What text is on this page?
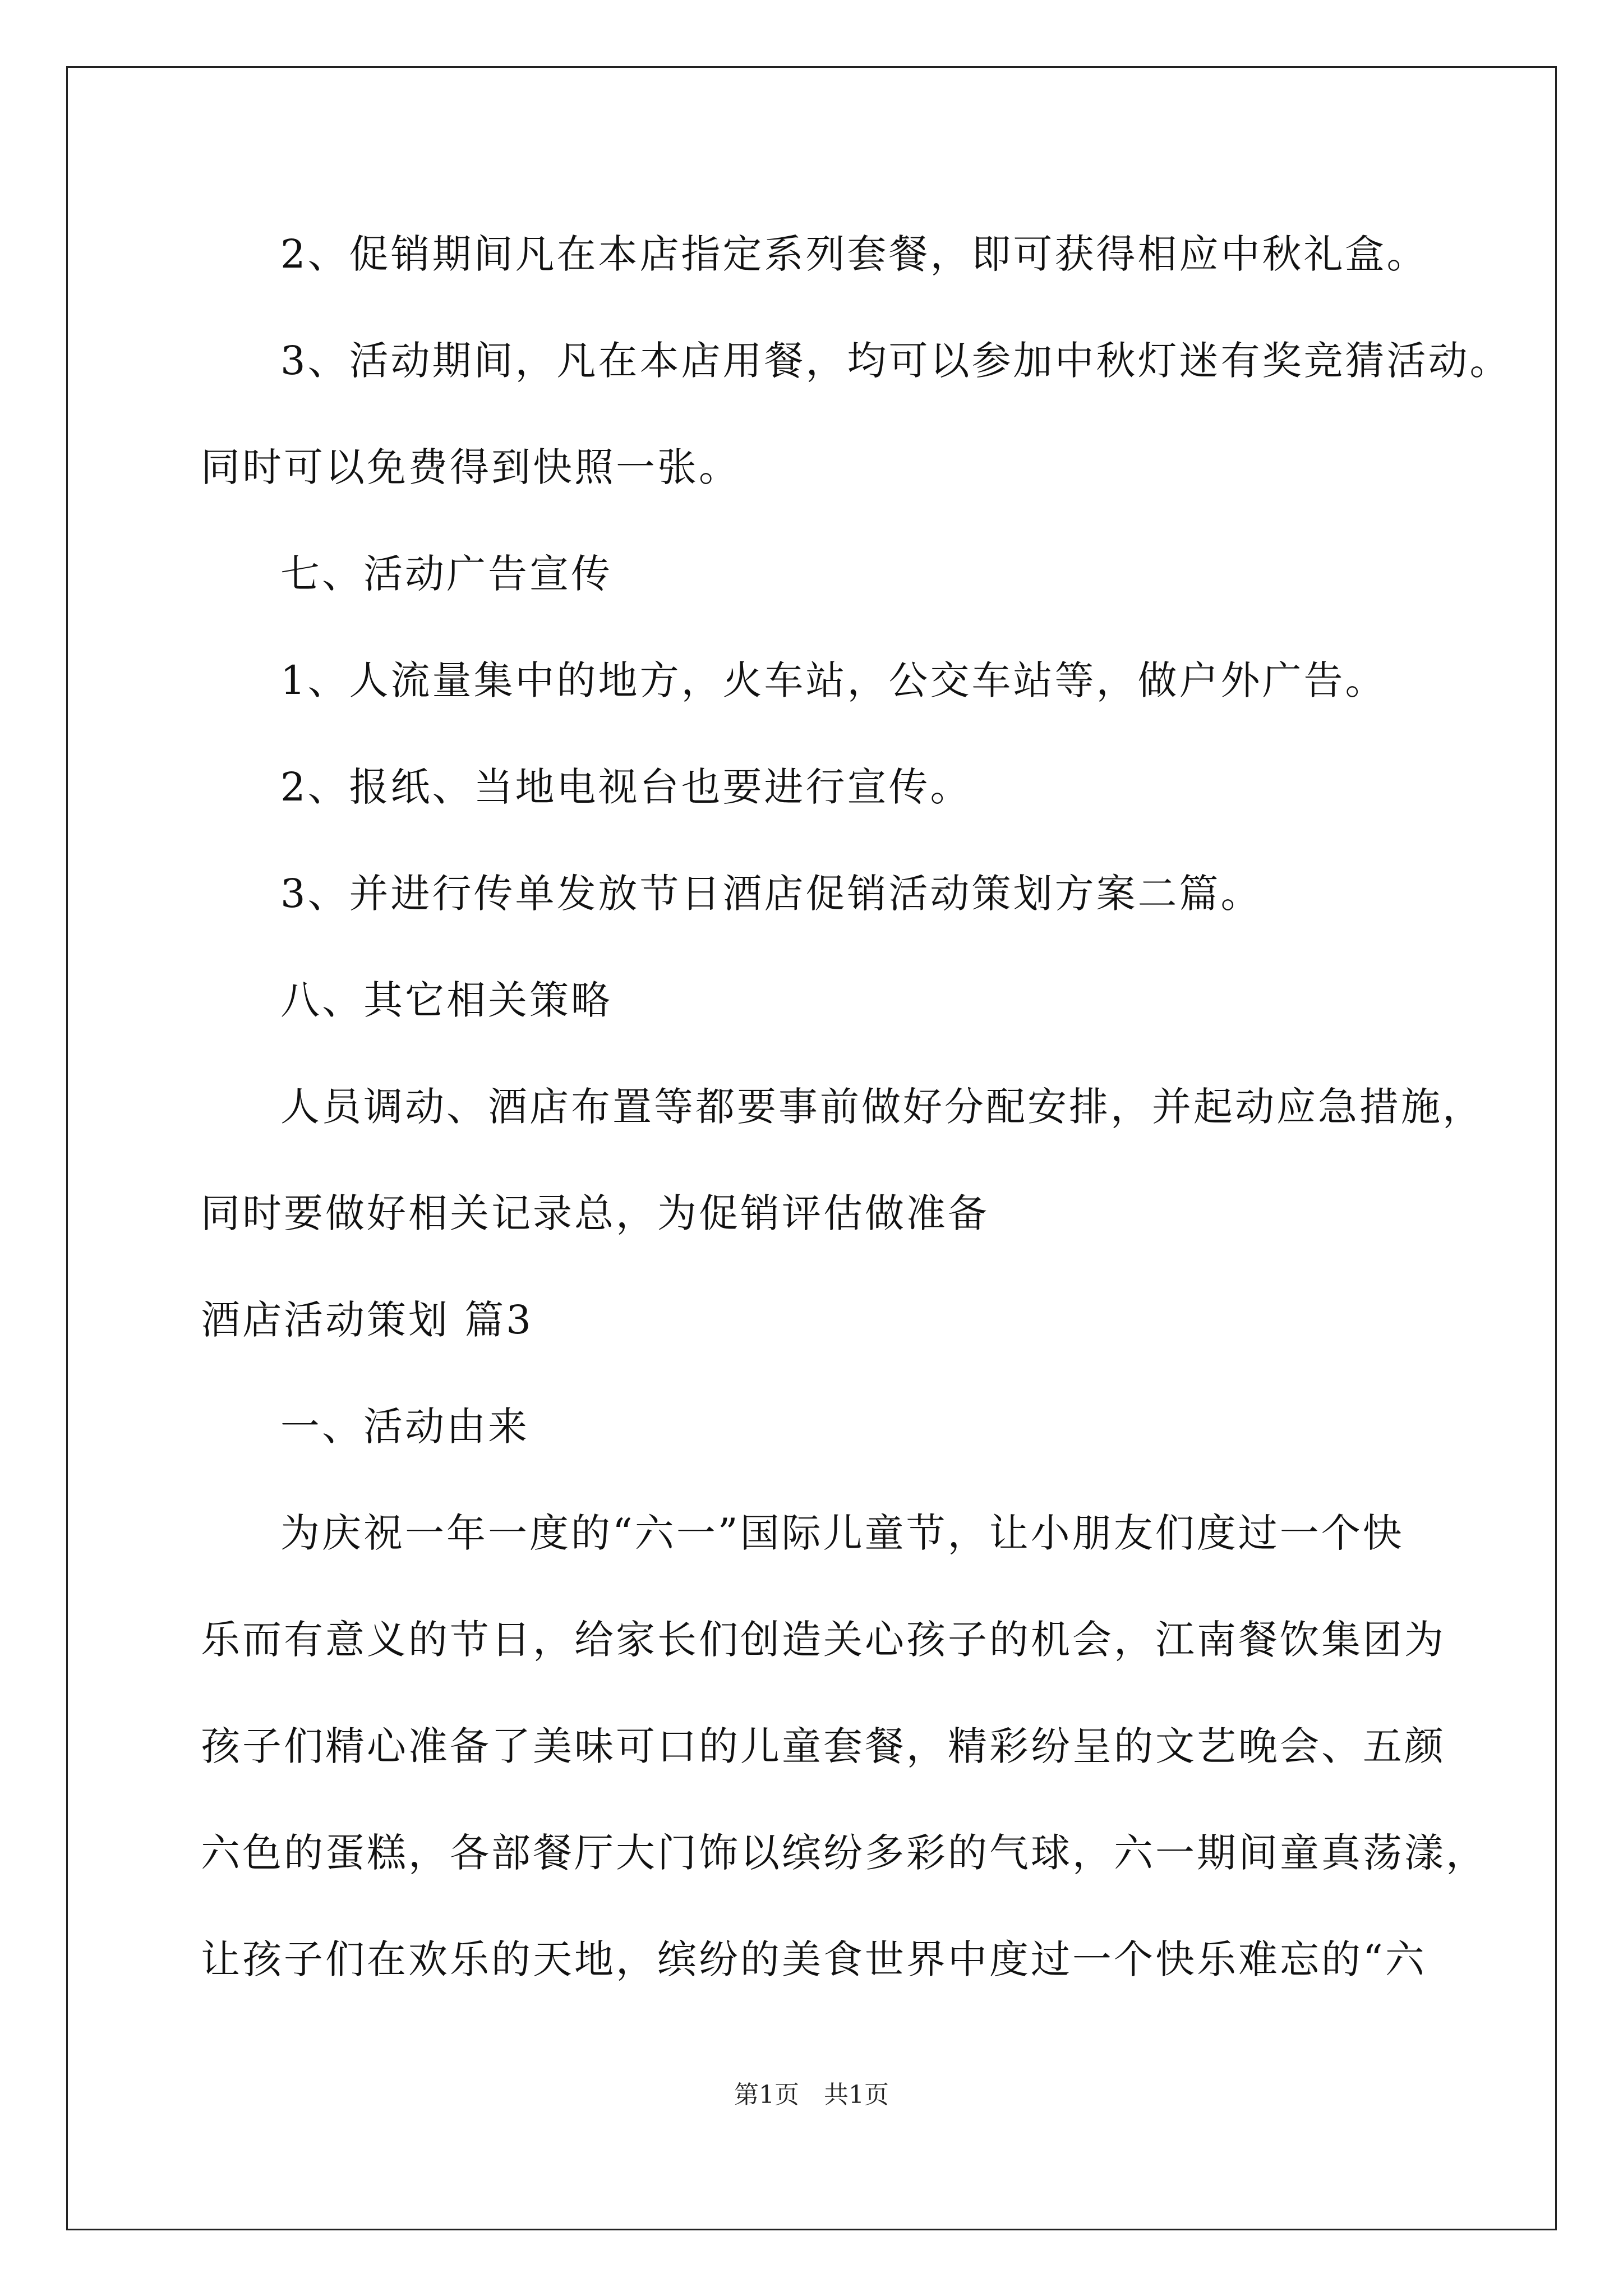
2、促销期间凡在本店指定系列套餐，即可获得相应中秋礼盒。
3、活动期间，凡在本店用餐，均可以参加中秋灯迷有奖竞猜活动。
同时可以免费得到快照一张。
七、活动广告宣传
1、人流量集中的地方，火车站，公交车站等，做户外广告。
2、报纸、当地电视台也要进行宣传。
3、并进行传单发放节日酒店促销活动策划方案二篇。
八、其它相关策略
人员调动、酒店布置等都要事前做好分配安排，并起动应急措施，
同时要做好相关记录总，为促销评估做准备
酒店活动策划 篇3
一、活动由来
为庆祝一年一度的“六一”国际儿童节，让小朋友们度过一个快
乐而有意义的节日，给家长们创造关心孩子的机会，江南餐饮集团为
孩子们精心准备了美味可口的儿童套餐，精彩纷呈的文艺晚会、五颜
六色的蛋糕，各部餐厅大门饰以缤纷多彩的气球，六一期间童真荡漾，
让孩子们在欢乐的天地，缤纷的美食世界中度过一个快乐难忘的“六
第1页 共1页
